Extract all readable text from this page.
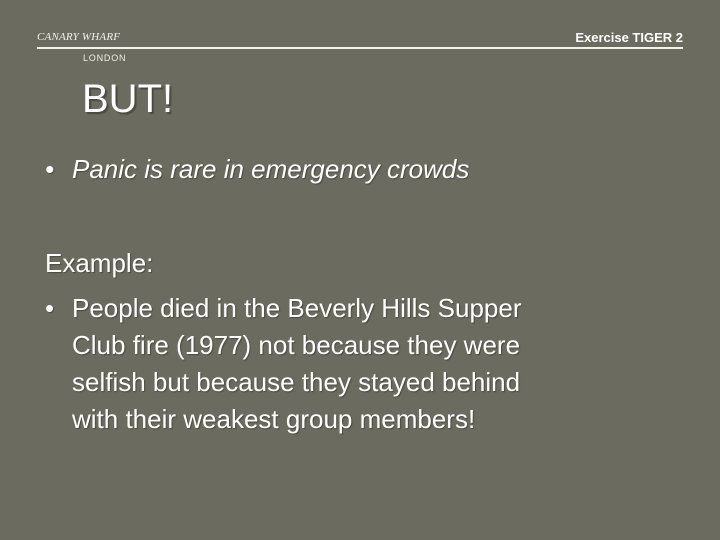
CANARY WHARF
LONDON
Exercise TIGER 2
BUT!
• Panic is rare in emergency crowds
Example:
• People died in the Beverly Hills Supper
Club fire (1977) not because they were
selfish but because they stayed behind
with their weakest group members!
